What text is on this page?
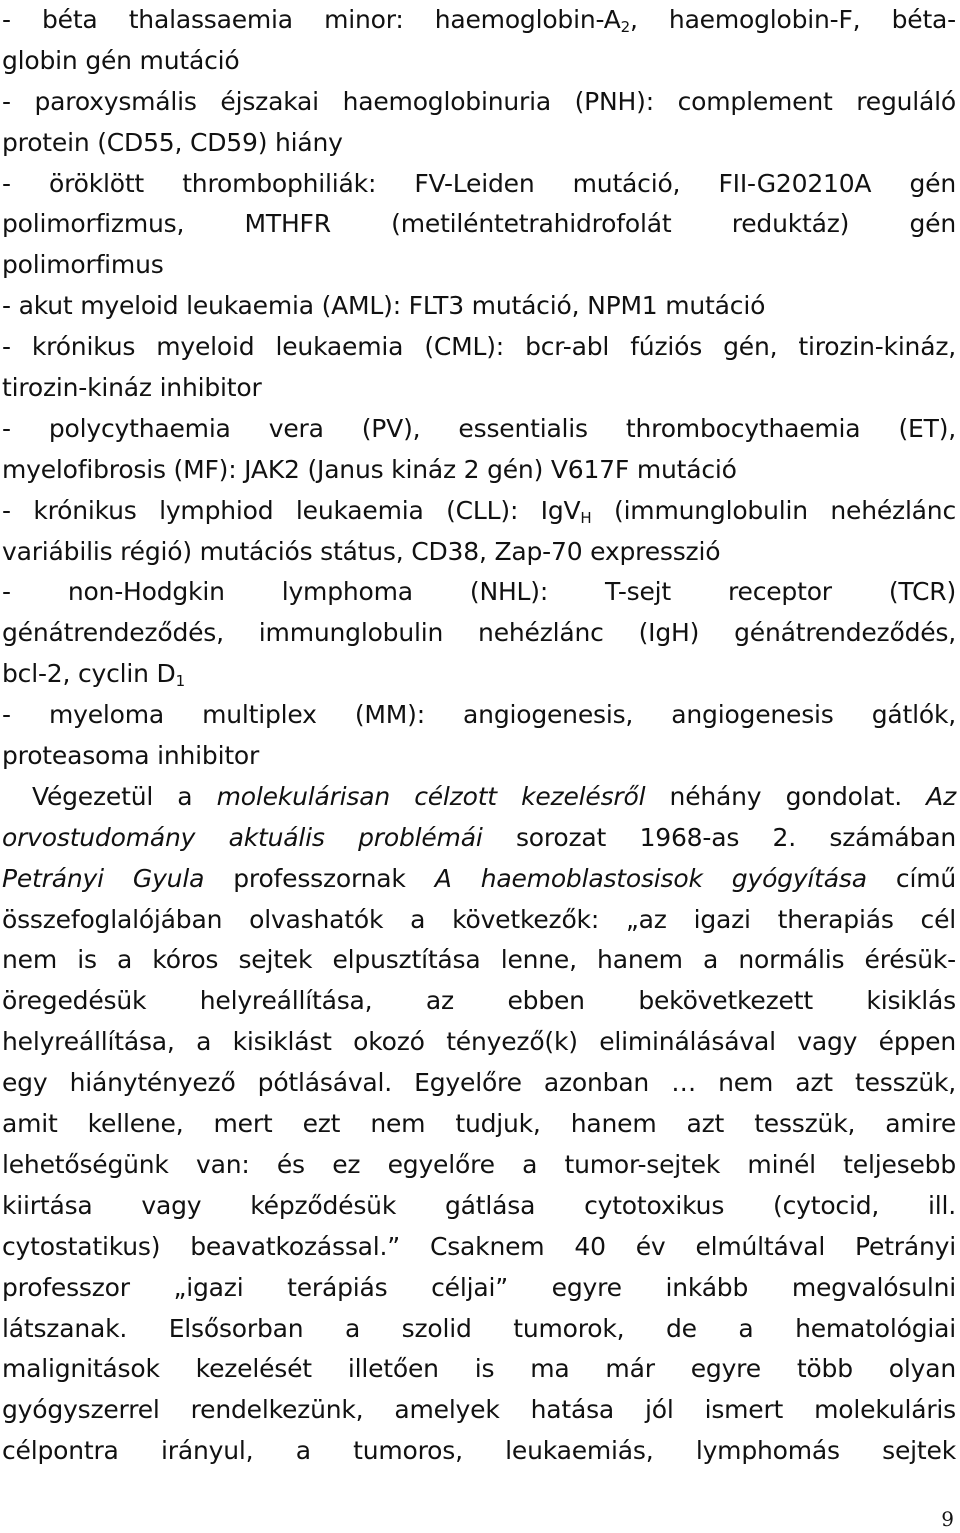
- béta thalassaemia minor: haemoglobin-$A_2$, haemoglobin-F, béta-
globin gén mutáció
- paroxysmális éjszakai haemoglobinuria (PNH): complement reguláló
protein (CD55, CD59) hiány
- öröklött thrombophiliák: FV-Leiden mutáció, FII-G20210A gén
polimorfizmus, MTHFR (metiléntetrahidrofolát reduktáz) gén
polimorfimus
- akut myeloid leukaemia (AML): FLT3 mutáció, NPM1 mutáció
- krónikus myeloid leukaemia (CML): bcr-abl fúziós gén, tirozin-kináz,
tirozin-kináz inhibitor
- polycythaemia vera (PV), essentialis thrombocythaemia (ET),
myelofibrosis (MF): JAK2 (Janus kináz 2 gén) V617F mutáció
- krónikus lymphiod leukaemia (CLL): IgV$_H$ (immunglobulin nehézlánc
variábilis régió) mutációs státus, CD38, Zap-70 expresszió
- non-Hodgkin lymphoma (NHL): T-sejt receptor (TCR)
génátrendeződés, immunglobulin nehézlánc (IgH) génátrendeződés,
bcl-2, cyclin $D_1$
- myeloma multiplex (MM): angiogenesis, angiogenesis gátlók,
proteasoma inhibitor
Végezetül a molekulárisan célzott kezelésről néhány gondolat. Az
orvostudomány aktuális problémái sorozat 1968-as 2. számában
Petrányi Gyula professzornak A haemoblastosisok gyógyítása című
összefoglalójában olvashatók a következők: „az igazi therapiás cél
nem is a kóros sejtek elpusztítása lenne, hanem a normális érésük-
öregedésük helyreállítása, az ebben bekövetkezett kisiklás
helyreállítása, a kisiklást okozó tényező(k) eliminálásával vagy éppen
egy hiánytényező pótlásával. Egyelőre azonban … nem azt tesszük,
amit kellene, mert ezt nem tudjuk, hanem azt tesszük, amire
lehetőségünk van: és ez egyelőre a tumor-sejtek minél teljesebb
kiirtása vagy képződésük gátlása cytotoxikus (cytocid, ill.
cytostatikus) beavatkozással.” Csaknem 40 év elmúltával Petrányi
professzor „igazi terápiás céljai” egyre inkább megvalósulni
látszanak. Elsősorban a szolid tumorok, de a hematológiai
malignitások kezelését illetően is ma már egyre több olyan
gyógyszerrel rendelkezünk, amelyek hatása jól ismert molekuláris
célpontra irányul, a tumoros, leukaemiás, lymphomás sejtek
9
